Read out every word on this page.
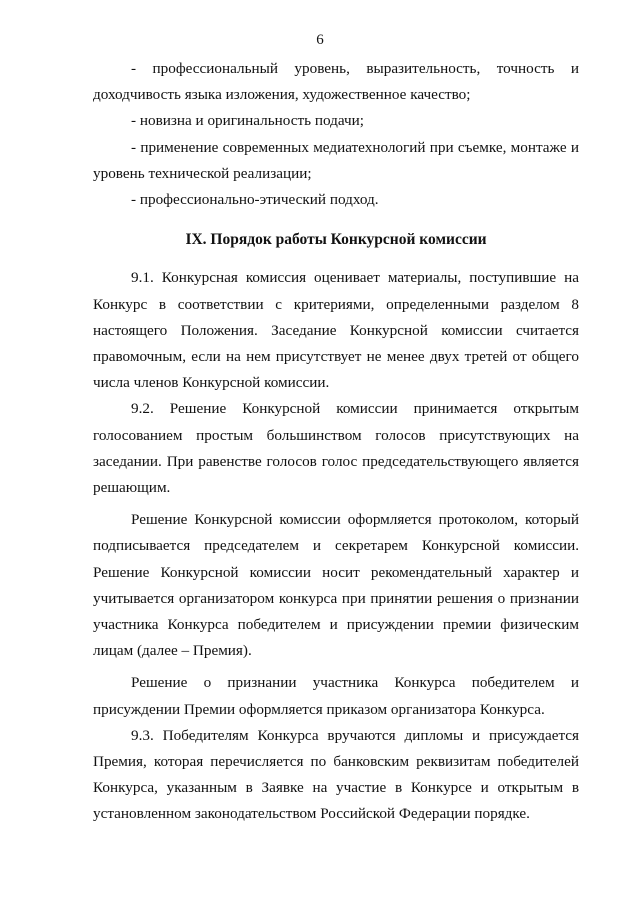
6

- профессиональный уровень, выразительность, точность и доходчивость языка изложения, художественное качество;

- новизна и оригинальность подачи;

- применение современных медиатехнологий при съемке, монтаже и уровень технической реализации;

- профессионально-этический подход.

IX. Порядок работы Конкурсной комиссии

9.1. Конкурсная комиссия оценивает материалы, поступившие на Конкурс в соответствии с критериями, определенными разделом 8 настоящего Положения. Заседание Конкурсной комиссии считается правомочным, если на нем присутствует не менее двух третей от общего числа членов Конкурсной комиссии.

9.2. Решение Конкурсной комиссии принимается открытым голосованием простым большинством голосов присутствующих на заседании. При равенстве голосов голос председательствующего является решающим.

Решение Конкурсной комиссии оформляется протоколом, который подписывается председателем и секретарем Конкурсной комиссии. Решение Конкурсной комиссии носит рекомендательный характер и учитывается организатором конкурса при принятии решения о признании участника Конкурса победителем и присуждении премии физическим лицам (далее – Премия).

Решение о признании участника Конкурса победителем и присуждении Премии оформляется приказом организатора Конкурса.

9.3. Победителям Конкурса вручаются дипломы и присуждается Премия, которая перечисляется по банковским реквизитам победителей Конкурса, указанным в Заявке на участие в Конкурсе и открытым в установленном законодательством Российской Федерации порядке.
